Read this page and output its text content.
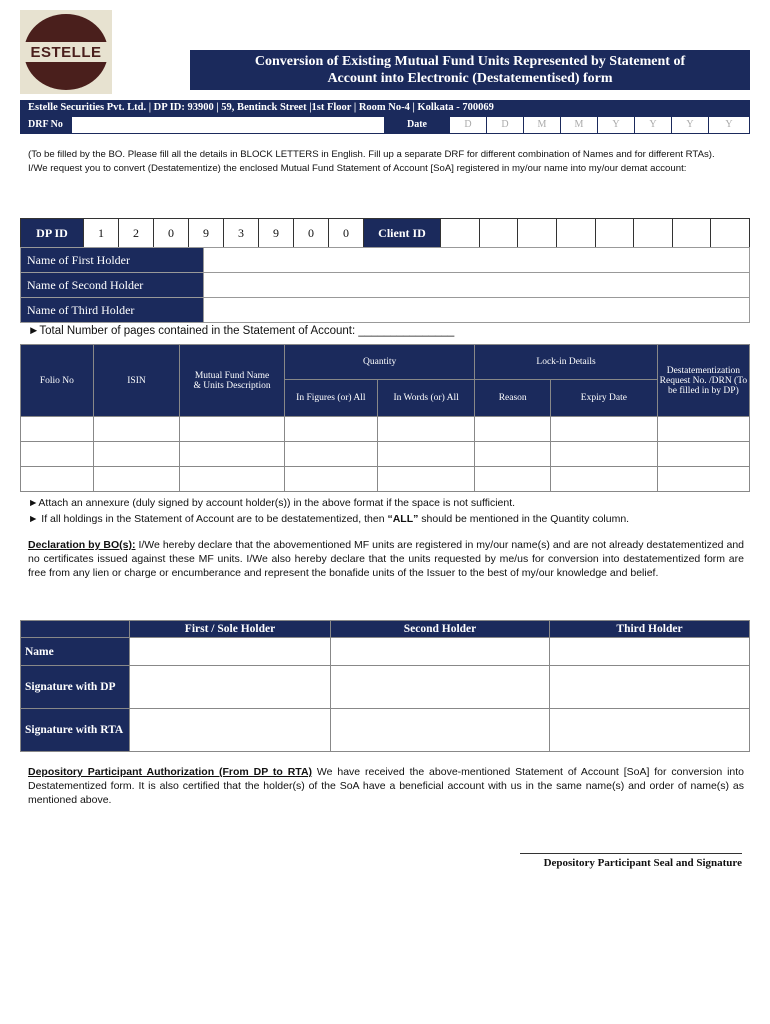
ESTELLE
Conversion of Existing Mutual Fund Units Represented by Statement of
Account into Electronic (Destatementised) form
Estelle Securities Pvt. Ltd. | DP ID: 93900 | 59, Bentinck Street |1st Floor | Room No-4 | Kolkata - 700069
DRF No	Date	D	D	M	M	Y	Y	Y	Y
(To be filled by the BO. Please fill all the details in BLOCK LETTERS in English. Fill up a separate DRF for different combination of Names and for different RTAs).
I/We request you to convert (Destatementize) the enclosed Mutual Fund Statement of Account [SoA] registered in my/our name into my/our demat account:
DP ID	1	2	0	9	3	9	0	0	Client ID								
Name of First Holder	
Name of Second Holder	
Name of Third Holder	
►Total Number of pages contained in the Statement of Account: _______________
Folio No	ISIN	Mutual Fund Name & Units Description	Quantity		Lock-in Details		Destatementization Request No. /DRN (To be filled in by DP)
			In Figures (or) All	In Words (or) All	Reason	Expiry Date	

►Attach an annexure (duly signed by account holder(s)) in the above format if the space is not sufficient.
► If all holdings in the Statement of Account are to be destatementized, then “ALL” should be mentioned in the Quantity column.
Declaration by BO(s): I/We hereby declare that the abovementioned MF units are registered in my/our name(s) and are not already destatementized and no certificates issued against these MF units. I/We also hereby declare that the units requested by me/us for conversion into destatementized form are free from any lien or charge or encumberance and represent the bonafide units of the Issuer to the best of my/our knowledge and belief.
	First / Sole Holder	Second Holder	Third Holder
Name			
Signature with DP			
Signature with RTA			
Depository Participant Authorization (From DP to RTA) We have received the above-mentioned Statement of Account [SoA] for conversion into Destatementized form. It is also certified that the holder(s) of the SoA have a beneficial account with us in the same name(s) and order of name(s) as mentioned above.
Depository Participant Seal and Signature
